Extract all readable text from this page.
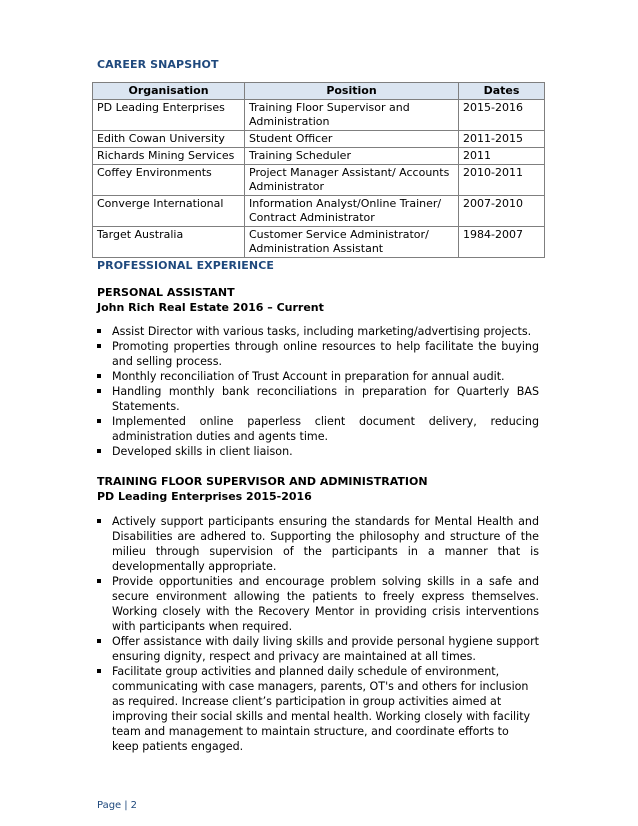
CAREER SNAPSHOT
Organisation	Position	Dates
PD Leading Enterprises	Training Floor Supervisor and Administration	2015-2016
Edith Cowan University	Student Officer	2011-2015
Richards Mining Services	Training Scheduler	2011
Coffey Environments	Project Manager Assistant/ Accounts Administrator	2010-2011
Converge International	Information Analyst/Online Trainer/ Contract Administrator	2007-2010
Target Australia	Customer Service Administrator/ Administration Assistant	1984-2007
PROFESSIONAL EXPERIENCE
PERSONAL ASSISTANT
John Rich Real Estate 2016 – Current
Assist Director with various tasks, including marketing/advertising projects.
Promoting properties through online resources to help facilitate the buying and selling process.
Monthly reconciliation of Trust Account in preparation for annual audit.
Handling monthly bank reconciliations in preparation for Quarterly BAS Statements.
Implemented online paperless client document delivery, reducing administration duties and agents time.
Developed skills in client liaison.
TRAINING FLOOR SUPERVISOR AND ADMINISTRATION
PD Leading Enterprises 2015-2016
Actively support participants ensuring the standards for Mental Health and Disabilities are adhered to. Supporting the philosophy and structure of the milieu through supervision of the participants in a manner that is developmentally appropriate.
Provide opportunities and encourage problem solving skills in a safe and secure environment allowing the patients to freely express themselves. Working closely with the Recovery Mentor in providing crisis interventions with participants when required.
Offer assistance with daily living skills and provide personal hygiene support ensuring dignity, respect and privacy are maintained at all times.
Facilitate group activities and planned daily schedule of environment, communicating with case managers, parents, OT's and others for inclusion as required. Increase client’s participation in group activities aimed at improving their social skills and mental health. Working closely with facility team and management to maintain structure, and coordinate efforts to keep patients engaged.
Page | 2
